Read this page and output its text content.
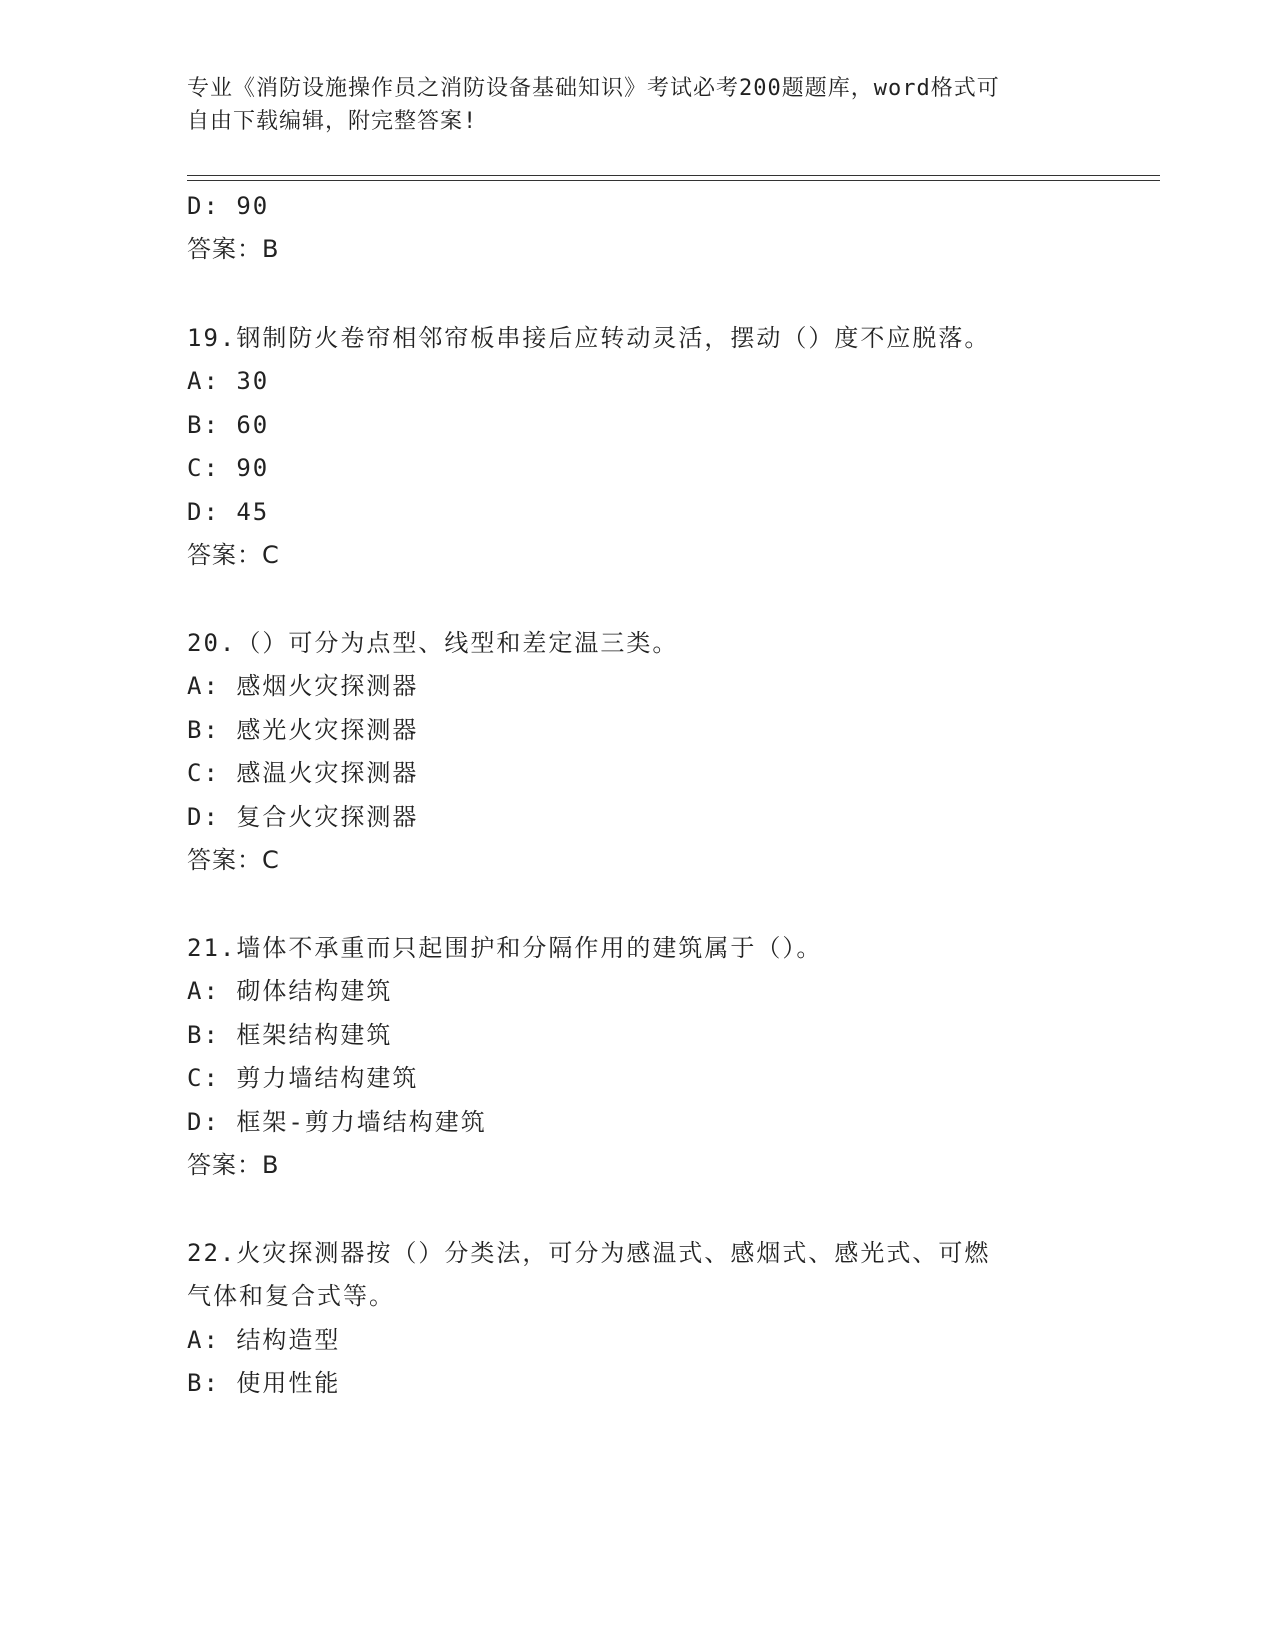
专业《消防设施操作员之消防设备基础知识》考试必考200题题库，word格式可
自由下载编辑，附完整答案!
D: 90
答案：B
19.钢制防火卷帘相邻帘板串接后应转动灵活，摆动（）度不应脱落。
A: 30
B: 60
C: 90
D: 45
答案：C
20.（）可分为点型、线型和差定温三类。
A: 感烟火灾探测器
B: 感光火灾探测器
C: 感温火灾探测器
D: 复合火灾探测器
答案：C
21.墙体不承重而只起围护和分隔作用的建筑属于（）。
A: 砌体结构建筑
B: 框架结构建筑
C: 剪力墙结构建筑
D: 框架-剪力墙结构建筑
答案：B
22.火灾探测器按（）分类法，可分为感温式、感烟式、感光式、可燃
气体和复合式等。
A: 结构造型
B: 使用性能
